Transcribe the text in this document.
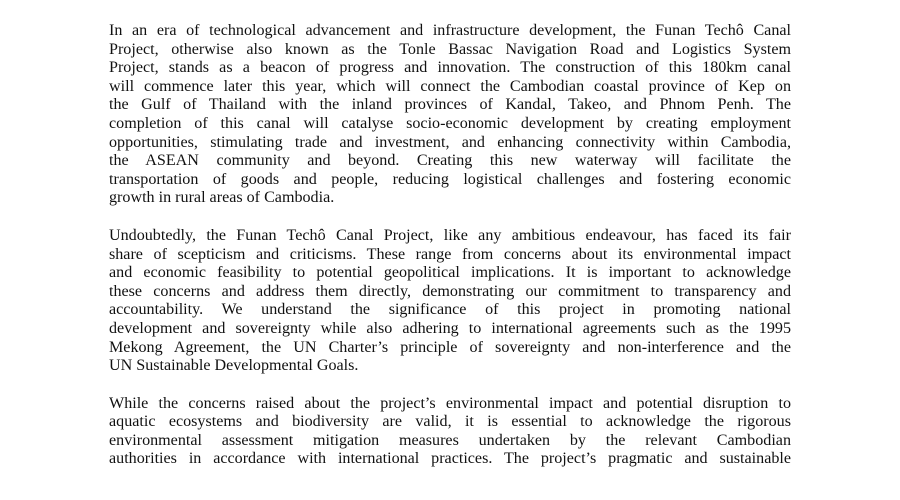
In an era of technological advancement and infrastructure development, the Funan Techô Canal
Project, otherwise also known as the Tonle Bassac Navigation Road and Logistics System
Project, stands as a beacon of progress and innovation. The construction of this 180km canal
will commence later this year, which will connect the Cambodian coastal province of Kep on
the Gulf of Thailand with the inland provinces of Kandal, Takeo, and Phnom Penh. The
completion of this canal will catalyse socio-economic development by creating employment
opportunities, stimulating trade and investment, and enhancing connectivity within Cambodia,
the ASEAN community and beyond. Creating this new waterway will facilitate the
transportation of goods and people, reducing logistical challenges and fostering economic
growth in rural areas of Cambodia.

Undoubtedly, the Funan Techô Canal Project, like any ambitious endeavour, has faced its fair
share of scepticism and criticisms. These range from concerns about its environmental impact
and economic feasibility to potential geopolitical implications. It is important to acknowledge
these concerns and address them directly, demonstrating our commitment to transparency and
accountability. We understand the significance of this project in promoting national
development and sovereignty while also adhering to international agreements such as the 1995
Mekong Agreement, the UN Charter’s principle of sovereignty and non-interference and the
UN Sustainable Developmental Goals.

While the concerns raised about the project’s environmental impact and potential disruption to
aquatic ecosystems and biodiversity are valid, it is essential to acknowledge the rigorous
environmental assessment mitigation measures undertaken by the relevant Cambodian
authorities in accordance with international practices. The project’s pragmatic and sustainable
